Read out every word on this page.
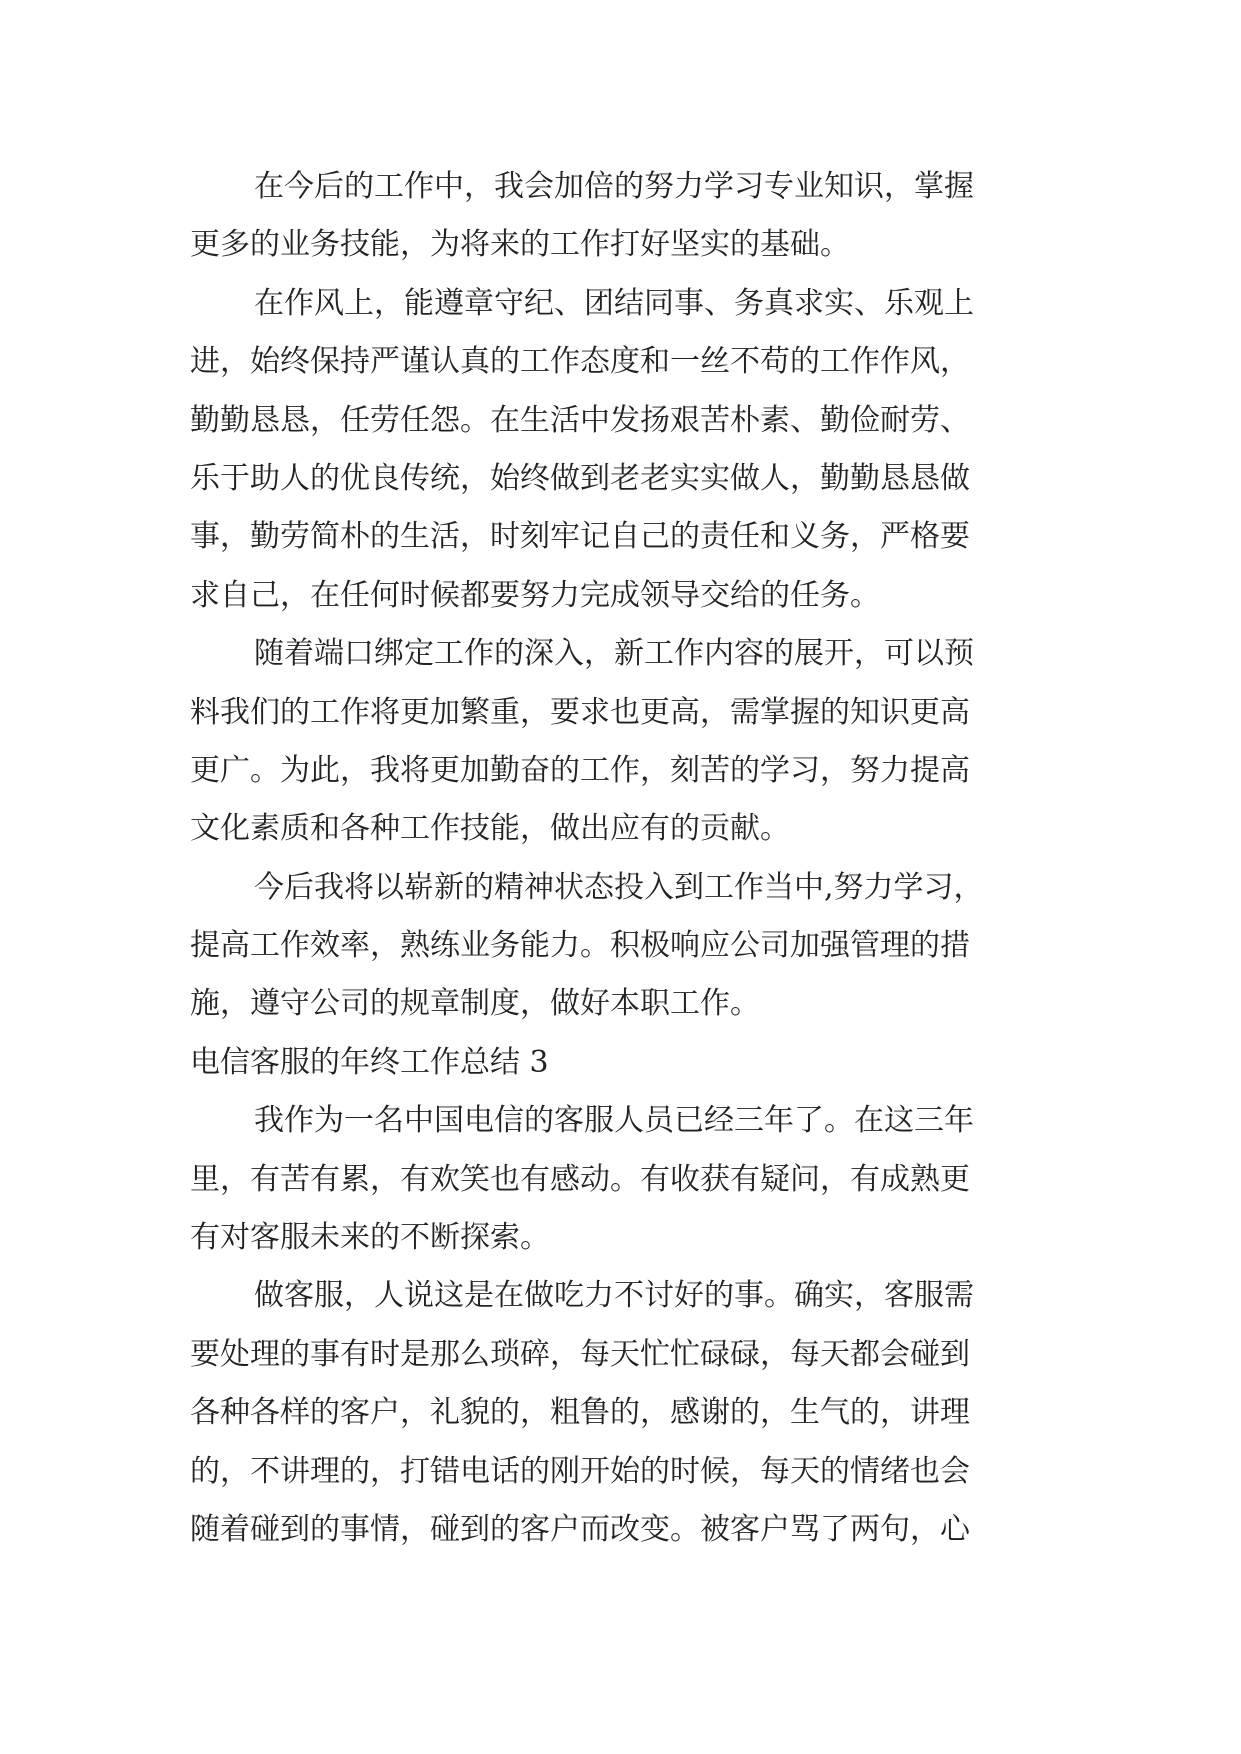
在今后的工作中，我会加倍的努力学习专业知识，掌握
更多的业务技能，为将来的工作打好坚实的基础。
在作风上，能遵章守纪、团结同事、务真求实、乐观上
进，始终保持严谨认真的工作态度和一丝不苟的工作作风，
勤勤恳恳，任劳任怨。在生活中发扬艰苦朴素、勤俭耐劳、
乐于助人的优良传统，始终做到老老实实做人，勤勤恳恳做
事，勤劳简朴的生活，时刻牢记自己的责任和义务，严格要
求自己，在任何时候都要努力完成领导交给的任务。
随着端口绑定工作的深入，新工作内容的展开，可以预
料我们的工作将更加繁重，要求也更高，需掌握的知识更高
更广。为此，我将更加勤奋的工作，刻苦的学习，努力提高
文化素质和各种工作技能，做出应有的贡献。
今后我将以崭新的精神状态投入到工作当中,努力学习，
提高工作效率，熟练业务能力。积极响应公司加强管理的措
施，遵守公司的规章制度，做好本职工作。
电信客服的年终工作总结 3
我作为一名中国电信的客服人员已经三年了。在这三年
里，有苦有累，有欢笑也有感动。有收获有疑问，有成熟更
有对客服未来的不断探索。
做客服，人说这是在做吃力不讨好的事。确实，客服需
要处理的事有时是那么琐碎，每天忙忙碌碌，每天都会碰到
各种各样的客户，礼貌的，粗鲁的，感谢的，生气的，讲理
的，不讲理的，打错电话的刚开始的时候，每天的情绪也会
随着碰到的事情，碰到的客户而改变。被客户骂了两句，心
